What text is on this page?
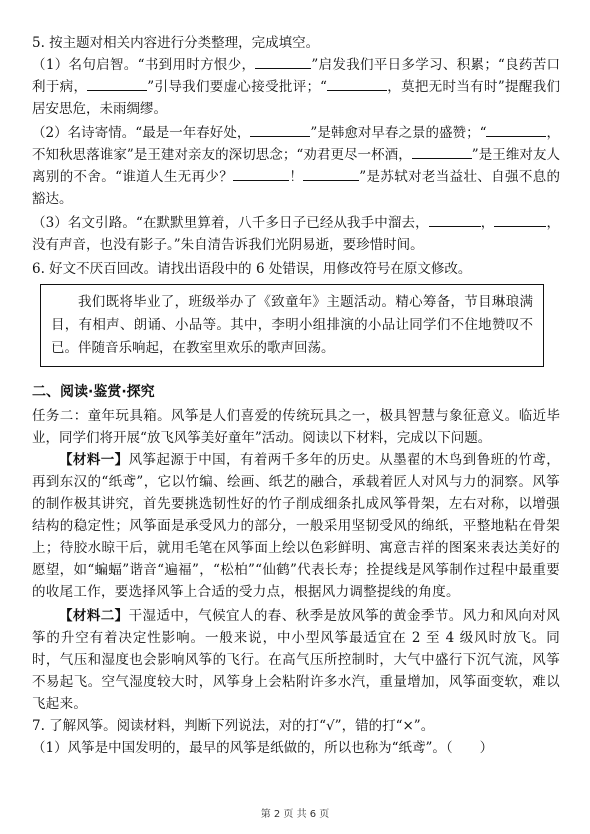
5. 按主题对相关内容进行分类整理，完成填空。

（1）名句启智。“书到用时方恨少，	”启发我们平日多学习、积累；“良药苦口利于病，	”引导我们要虚心接受批评；“	，莫把无时当有时”提醒我们居安思危，未雨绸缪。

（2）名诗寄情。“最是一年春好处，	”是韩愈对早春之景的盛赞；“	，不知秋思落谁家”是王建对亲友的深切思念；“劝君更尽一杯酒，	”是王维对友人离别的不舍。“谁道人生无再少？	！	”是苏轼对老当益壮、自强不息的豁达。

（3）名文引路。“在默默里算着，八千多日子已经从我手中溜去，	，	，没有声音，也没有影子。”朱自清告诉我们光阴易逝，要珍惜时间。

6. 好文不厌百回改。请找出语段中的 6 处错误，用修改符号在原文修改。

我们既将毕业了，班级举办了《致童年》主题活动。精心筹备，节目琳琅满目，有相声、朗诵、小品等。其中，李明小组排演的小品让同学们不住地赞叹不已。伴随音乐响起，在教室里欢乐的歌声回荡。

二、阅读·鉴赏·探究

任务二：童年玩具箱。风筝是人们喜爱的传统玩具之一，极具智慧与象征意义。临近毕业，同学们将开展“放飞风筝美好童年”活动。阅读以下材料，完成以下问题。

【材料一】风筝起源于中国，有着两千多年的历史。从墨翟的木鸟到鲁班的竹鸢，再到东汉的“纸鸢”，它以竹编、绘画、纸艺的融合，承载着匠人对风与力的洞察。风筝的制作极其讲究，首先要挑选韧性好的竹子削成细条扎成风筝骨架，左右对称，以增强结构的稳定性；风筝面是承受风力的部分，一般采用坚韧受风的绵纸，平整地粘在骨架上；待胶水晾干后，就用毛笔在风筝面上绘以色彩鲜明、寓意吉祥的图案来表达美好的愿望，如“蝙蝠”谐音“遍福”，“松柏”“仙鹤”代表长寿；拴提线是风筝制作过程中最重要的收尾工作，要选择风筝上合适的受力点，根据风力调整提线的角度。

【材料二】干湿适中，气候宜人的春、秋季是放风筝的黄金季节。风力和风向对风筝的升空有着决定性影响。一般来说，中小型风筝最适宜在 2 至 4 级风时放飞。同时，气压和湿度也会影响风筝的飞行。在高气压所控制时，大气中盛行下沉气流，风筝不易起飞。空气湿度较大时，风筝身上会粘附许多水汽，重量增加，风筝面变软，难以飞起来。

7. 了解风筝。阅读材料，判断下列说法，对的打“√”，错的打“×”。

（1）风筝是中国发明的，最早的风筝是纸做的，所以也称为“纸鸢”。（　　）

第 2 页 共 6 页
